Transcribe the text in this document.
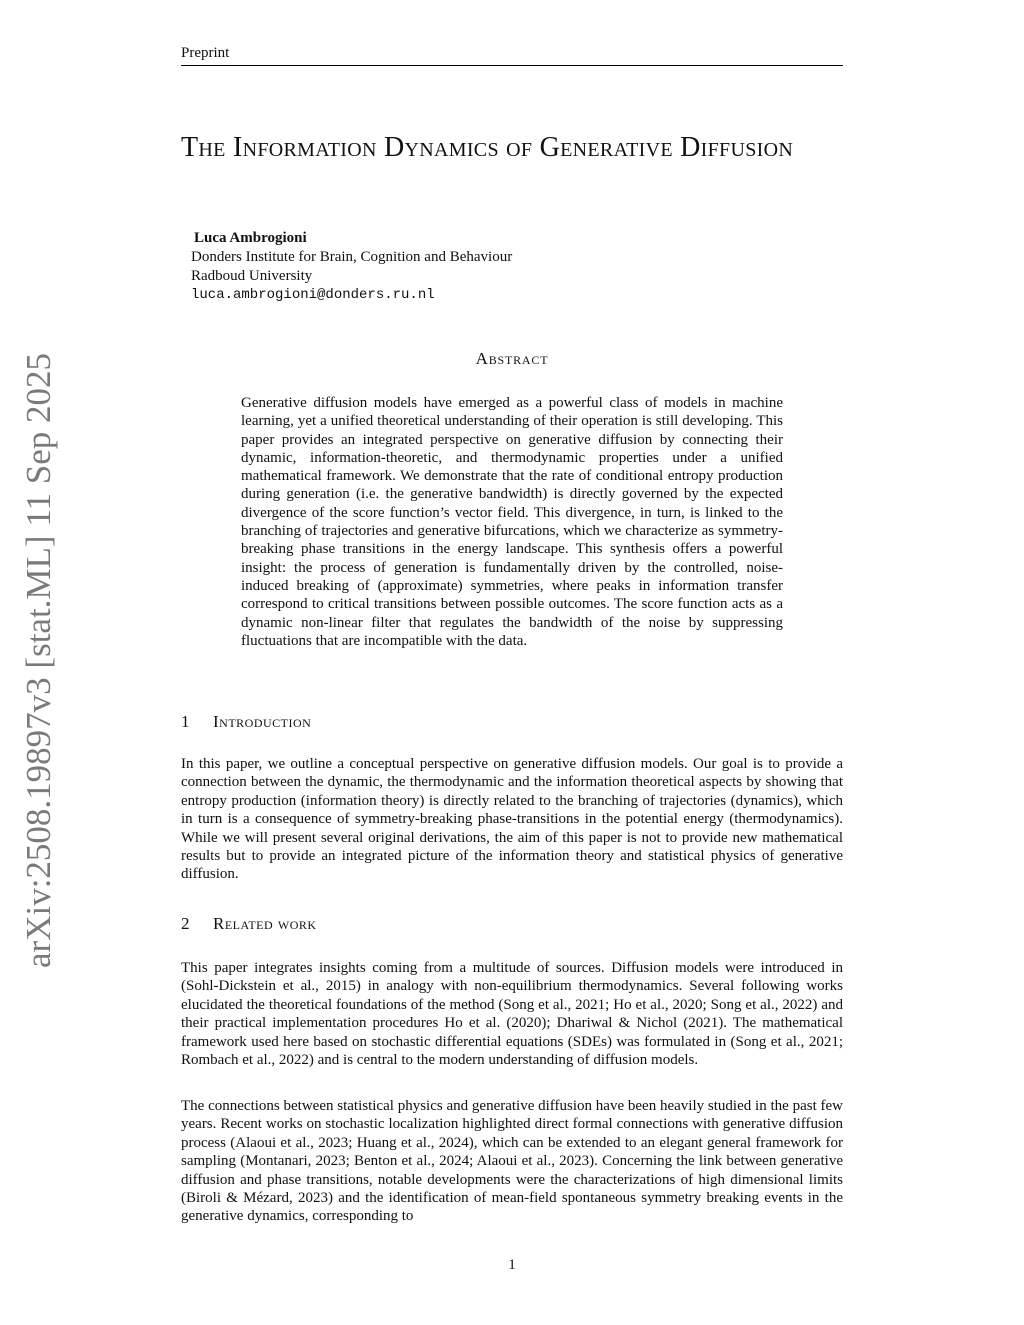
Preprint
arXiv:2508.19897v3 [stat.ML] 11 Sep 2025
The Information Dynamics of Generative Diffusion
Luca Ambrogioni
Donders Institute for Brain, Cognition and Behaviour
Radboud University
luca.ambrogioni@donders.ru.nl
Abstract
Generative diffusion models have emerged as a powerful class of models in machine learning, yet a unified theoretical understanding of their operation is still developing. This paper provides an integrated perspective on generative diffusion by connecting their dynamic, information-theoretic, and thermodynamic properties under a unified mathematical framework. We demonstrate that the rate of conditional entropy production during generation (i.e. the generative bandwidth) is directly governed by the expected divergence of the score function’s vector field. This divergence, in turn, is linked to the branching of trajectories and generative bifurcations, which we characterize as symmetry-breaking phase transitions in the energy landscape. This synthesis offers a powerful insight: the process of generation is fundamentally driven by the controlled, noise-induced breaking of (approximate) symmetries, where peaks in information transfer correspond to critical transitions between possible outcomes. The score function acts as a dynamic non-linear filter that regulates the bandwidth of the noise by suppressing fluctuations that are incompatible with the data.
1 Introduction

In this paper, we outline a conceptual perspective on generative diffusion models. Our goal is to provide a connection between the dynamic, the thermodynamic and the information theoretical aspects by showing that entropy production (information theory) is directly related to the branching of trajectories (dynamics), which in turn is a consequence of symmetry-breaking phase-transitions in the potential energy (thermodynamics). While we will present several original derivations, the aim of this paper is not to provide new mathematical results but to provide an integrated picture of the information theory and statistical physics of generative diffusion.

2 Related work

This paper integrates insights coming from a multitude of sources. Diffusion models were introduced in (Sohl-Dickstein et al., 2015) in analogy with non-equilibrium thermodynamics. Several following works elucidated the theoretical foundations of the method (Song et al., 2021; Ho et al., 2020; Song et al., 2022) and their practical implementation procedures Ho et al. (2020); Dhariwal & Nichol (2021). The mathematical framework used here based on stochastic differential equations (SDEs) was formulated in (Song et al., 2021; Rombach et al., 2022) and is central to the modern understanding of diffusion models.

The connections between statistical physics and generative diffusion have been heavily studied in the past few years. Recent works on stochastic localization highlighted direct formal connections with generative diffusion process (Alaoui et al., 2023; Huang et al., 2024), which can be extended to an elegant general framework for sampling (Montanari, 2023; Benton et al., 2024; Alaoui et al., 2023). Concerning the link between generative diffusion and phase transitions, notable developments were the characterizations of high dimensional limits (Biroli & Mézard, 2023) and the identification of mean-field spontaneous symmetry breaking events in the generative dynamics, corresponding to

1
